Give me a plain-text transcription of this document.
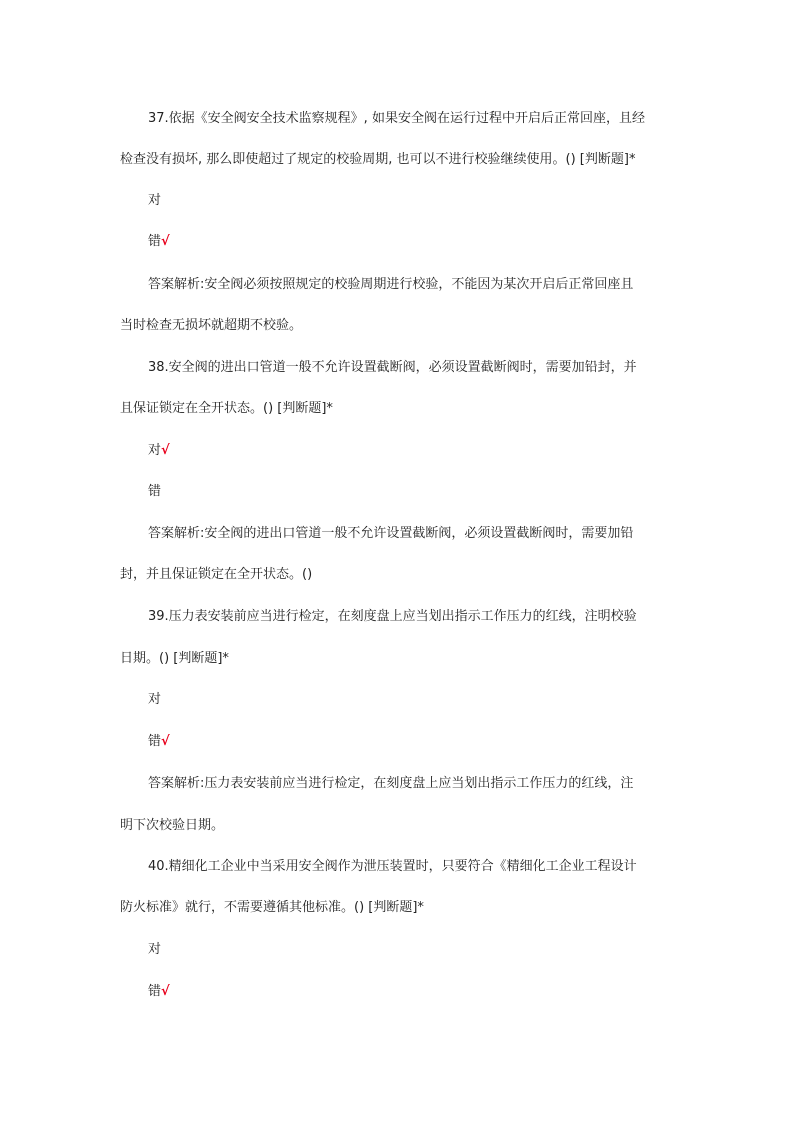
37.依据《安全阀安全技术监察规程》, 如果安全阀在运行过程中开启后正常回座，且经
检查没有损坏, 那么即使超过了规定的校验周期, 也可以不进行校验继续使用。() [判断题]*
对
错√
答案解析:安全阀必须按照规定的校验周期进行校验，不能因为某次开启后正常回座且
当时检查无损坏就超期不校验。
38.安全阀的进出口管道一般不允许设置截断阀，必须设置截断阀时，需要加铅封，并
且保证锁定在全开状态。() [判断题]*
对√
错
答案解析:安全阀的进出口管道一般不允许设置截断阀，必须设置截断阀时，需要加铅
封，并且保证锁定在全开状态。()
39.压力表安装前应当进行检定，在刻度盘上应当划出指示工作压力的红线，注明校验
日期。() [判断题]*
对
错√
答案解析:压力表安装前应当进行检定，在刻度盘上应当划出指示工作压力的红线，注
明下次校验日期。
40.精细化工企业中当采用安全阀作为泄压装置时，只要符合《精细化工企业工程设计
防火标准》就行，不需要遵循其他标准。() [判断题]*
对
错√
